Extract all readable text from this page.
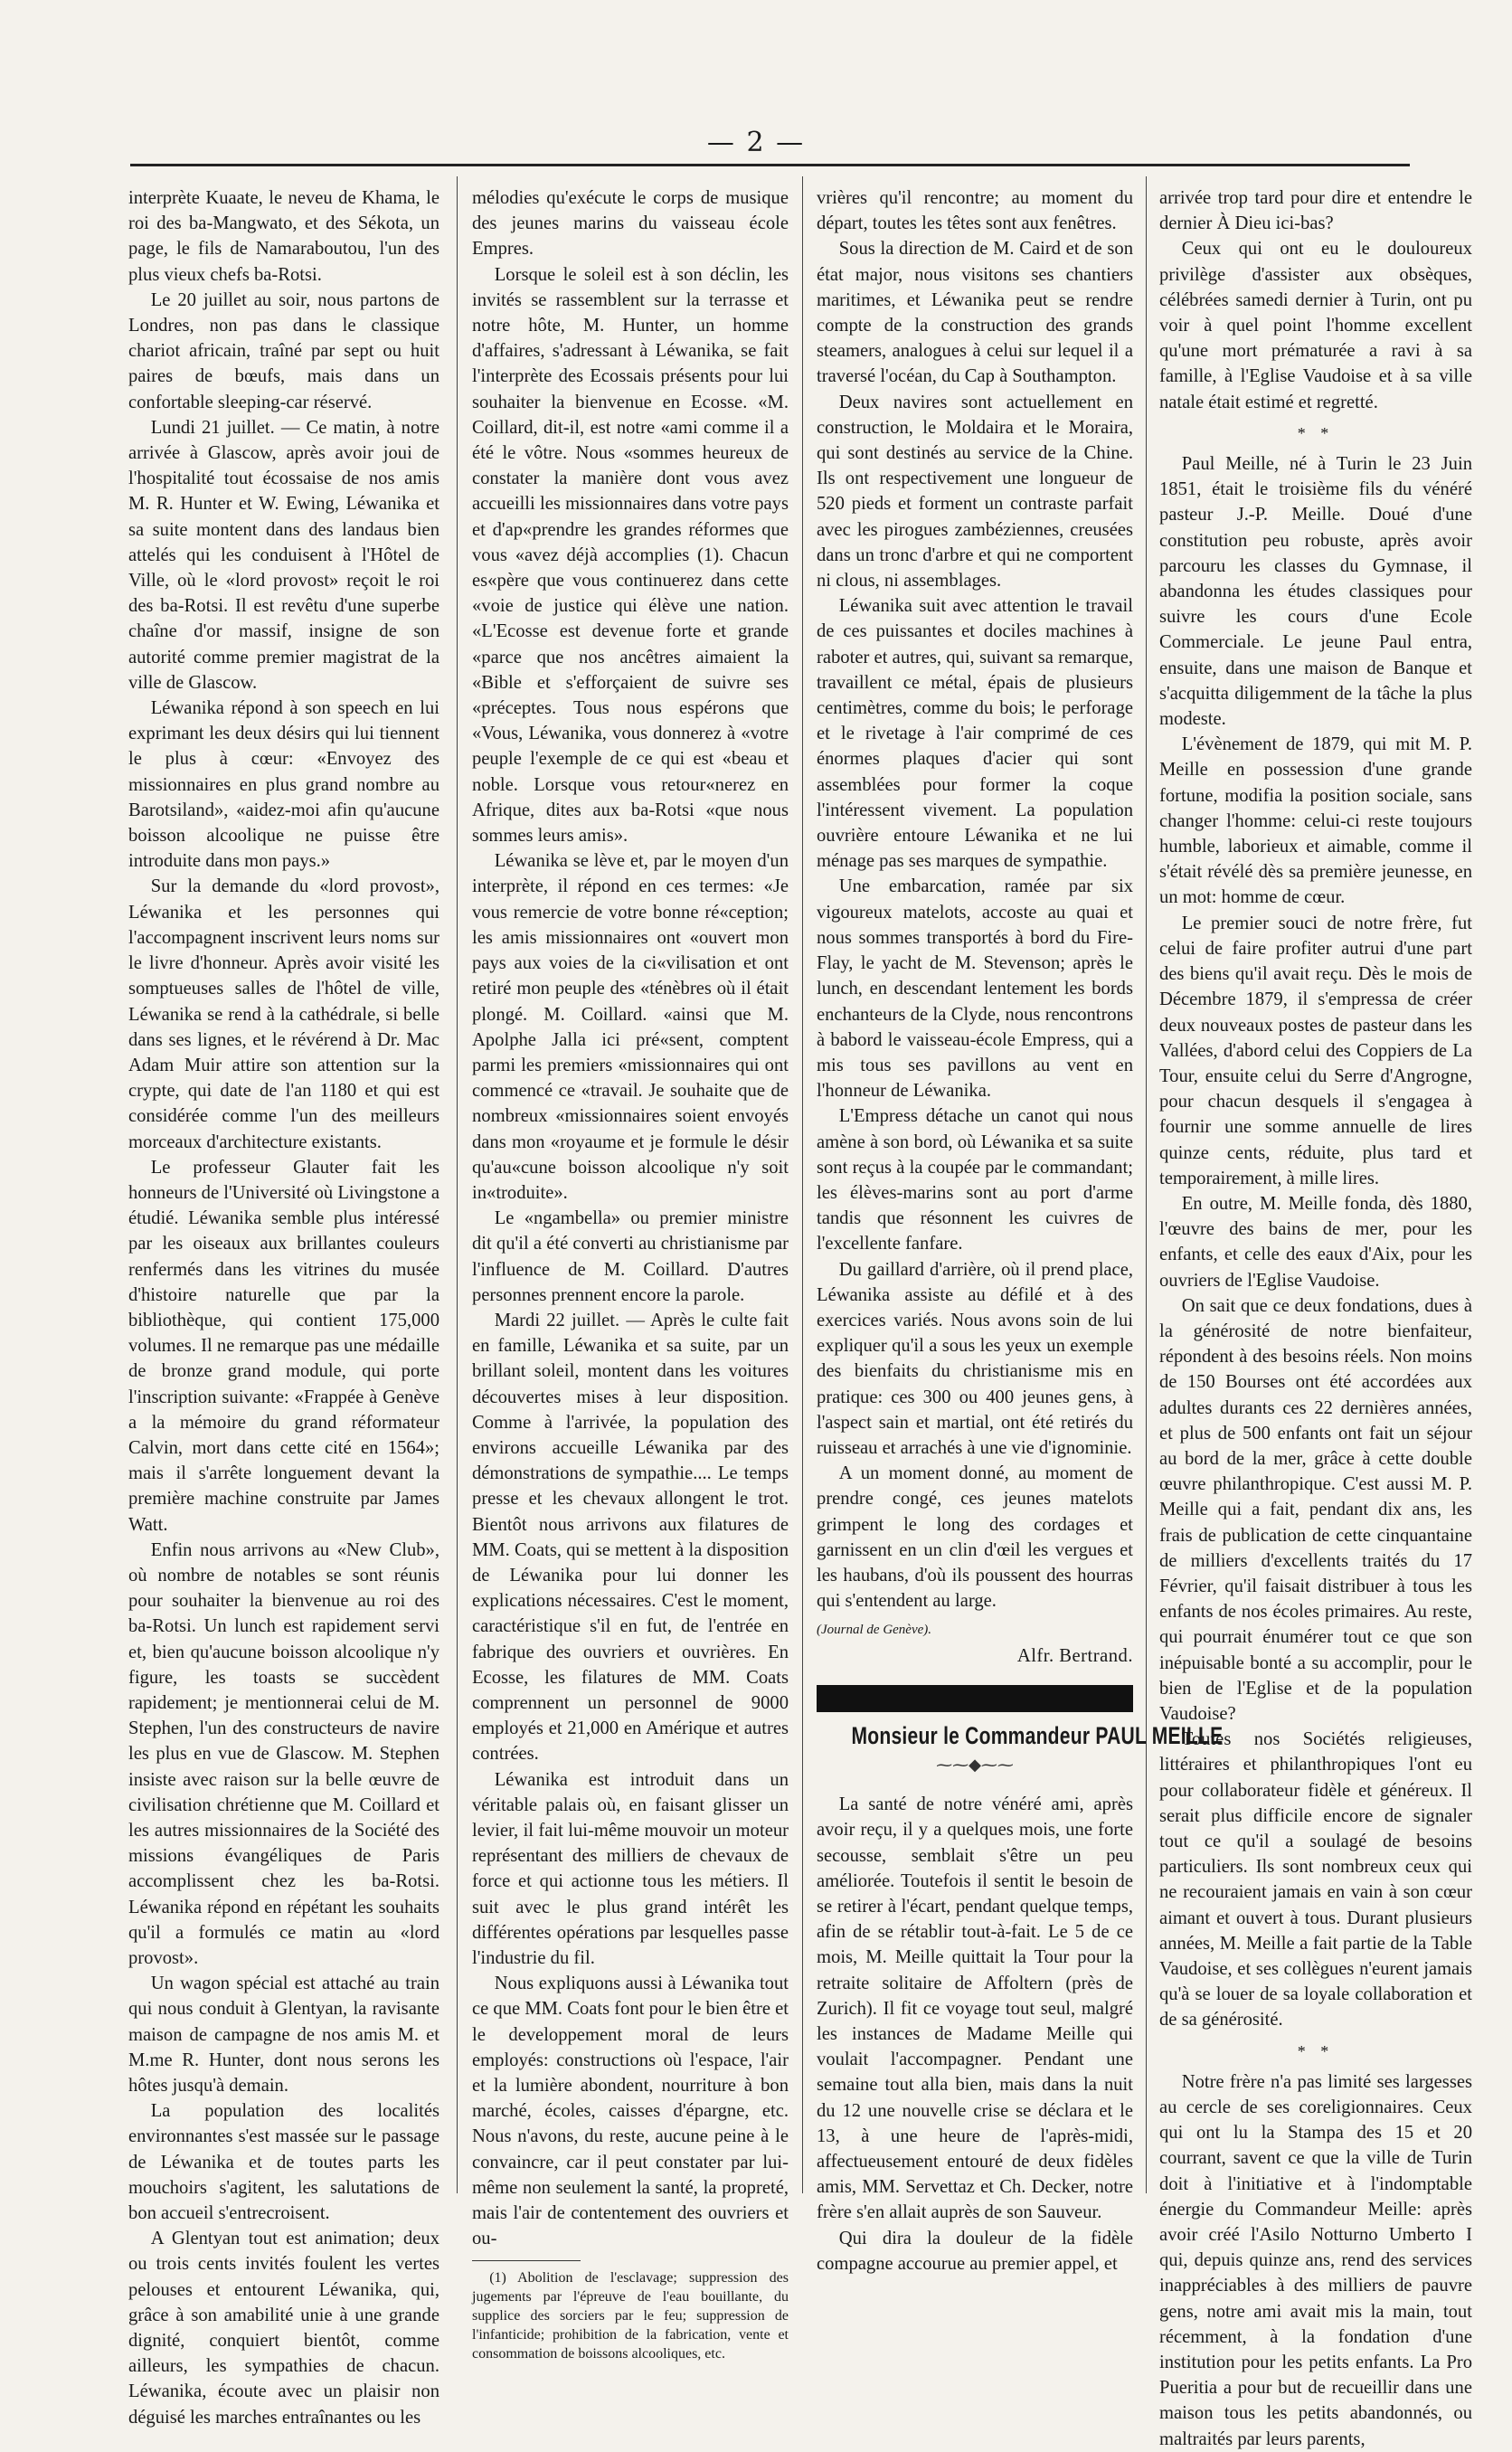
— 2 —

interprète Kuaate, le neveu de Khama, le roi des ba-Mangwato, et des Sékota, un page, le fils de Namaraboutou, l'un des plus vieux chefs ba-Rotsi.

Le 20 juillet au soir, nous partons de Londres, non pas dans le classique chariot africain, traîné par sept ou huit paires de bœufs, mais dans un confortable sleeping-car réservé.

Lundi 21 juillet. — Ce matin, à notre arrivée à Glascow, après avoir joui de l'hospitalité tout écossaise de nos amis M. R. Hunter et W. Ewing, Léwanika et sa suite montent dans des landaus bien attelés qui les conduisent à l'Hôtel de Ville, où le «lord provost» reçoit le roi des ba-Rotsi. Il est revêtu d'une superbe chaîne d'or massif, insigne de son autorité comme premier magistrat de la ville de Glascow.

Léwanika répond à son speech en lui exprimant les deux désirs qui lui tiennent le plus à cœur: «Envoyez des missionnaires en plus grand nombre au Barotsiland», «aidez-moi afin qu'aucune boisson alcoolique ne puisse être introduite dans mon pays.»

Sur la demande du «lord provost», Léwanika et les personnes qui l'accompagnent inscrivent leurs noms sur le livre d'honneur. Après avoir visité les somptueuses salles de l'hôtel de ville, Léwanika se rend à la cathédrale, si belle dans ses lignes, et le révérend à Dr. Mac Adam Muir attire son attention sur la crypte, qui date de l'an 1180 et qui est considérée comme l'un des meilleurs morceaux d'architecture existants.

Le professeur Glauter fait les honneurs de l'Université où Livingstone a étudié. Léwanika semble plus intéressé par les oiseaux aux brillantes couleurs renfermés dans les vitrines du musée d'histoire naturelle que par la bibliothèque, qui contient 175,000 volumes. Il ne remarque pas une médaille de bronze grand module, qui porte l'inscription suivante: «Frappée à Genève a la mémoire du grand réformateur Calvin, mort dans cette cité en 1564»; mais il s'arrête longuement devant la première machine construite par James Watt.

Enfin nous arrivons au «New Club», où nombre de notables se sont réunis pour souhaiter la bienvenue au roi des ba-Rotsi. Un lunch est rapidement servi et, bien qu'aucune boisson alcoolique n'y figure, les toasts se succèdent rapidement; je mentionnerai celui de M. Stephen, l'un des constructeurs de navire les plus en vue de Glascow. M. Stephen insiste avec raison sur la belle œuvre de civilisation chrétienne que M. Coillard et les autres missionnaires de la Société des missions évangéliques de Paris accomplissent chez les ba-Rotsi. Léwanika répond en répétant les souhaits qu'il a formulés ce matin au «lord provost».

Un wagon spécial est attaché au train qui nous conduit à Glentyan, la ravisante maison de campagne de nos amis M. et M.me R. Hunter, dont nous serons les hôtes jusqu'à demain.

La population des localités environnantes s'est massée sur le passage de Léwanika et de toutes parts les mouchoirs s'agitent, les salutations de bon accueil s'entrecroisent.

A Glentyan tout est animation; deux ou trois cents invités foulent les vertes pelouses et entourent Léwanika, qui, grâce à son amabilité unie à une grande dignité, conquiert bientôt, comme ailleurs, les sympathies de chacun. Léwanika, écoute avec un plaisir non déguisé les marches entraînantes ou les

mélodies qu'exécute le corps de musique des jeunes marins du vaisseau école Empres.

Lorsque le soleil est à son déclin, les invités se rassemblent sur la terrasse et notre hôte, M. Hunter, un homme d'affaires, s'adressant à Léwanika, se fait l'interprète des Ecossais présents pour lui souhaiter la bienvenue en Ecosse. «M. Coillard, dit-il, est notre «ami comme il a été le vôtre. Nous «sommes heureux de constater la manière dont vous avez accueilli les missionnaires dans votre pays et d'ap«prendre les grandes réformes que vous «avez déjà accomplies (1). Chacun es«père que vous continuerez dans cette «voie de justice qui élève une nation. «L'Ecosse est devenue forte et grande «parce que nos ancêtres aimaient la «Bible et s'efforçaient de suivre ses «préceptes. Tous nous espérons que «Vous, Léwanika, vous donnerez à «votre peuple l'exemple de ce qui est «beau et noble. Lorsque vous retour«nerez en Afrique, dites aux ba-Rotsi «que nous sommes leurs amis».

Léwanika se lève et, par le moyen d'un interprète, il répond en ces termes: «Je vous remercie de votre bonne ré«ception; les amis missionnaires ont «ouvert mon pays aux voies de la ci«vilisation et ont retiré mon peuple des «ténèbres où il était plongé. M. Coillard. «ainsi que M. Apolphe Jalla ici pré«sent, comptent parmi les premiers «missionnaires qui ont commencé ce «travail. Je souhaite que de nombreux «missionnaires soient envoyés dans mon «royaume et je formule le désir qu'au«cune boisson alcoolique n'y soit in«troduite».

Le «ngambella» ou premier ministre dit qu'il a été converti au christianisme par l'influence de M. Coillard. D'autres personnes prennent encore la parole.

Mardi 22 juillet. — Après le culte fait en famille, Léwanika et sa suite, par un brillant soleil, montent dans les voitures découvertes mises à leur disposition. Comme à l'arrivée, la population des environs accueille Léwanika par des démonstrations de sympathie.... Le temps presse et les chevaux allongent le trot. Bientôt nous arrivons aux filatures de MM. Coats, qui se mettent à la disposition de Léwanika pour lui donner les explications nécessaires. C'est le moment, caractéristique s'il en fut, de l'entrée en fabrique des ouvriers et ouvrières. En Ecosse, les filatures de MM. Coats comprennent un personnel de 9000 employés et 21,000 en Amérique et autres contrées.

Léwanika est introduit dans un véritable palais où, en faisant glisser un levier, il fait lui-même mouvoir un moteur représentant des milliers de chevaux de force et qui actionne tous les métiers. Il suit avec le plus grand intérêt les différentes opérations par lesquelles passe l'industrie du fil.

Nous expliquons aussi à Léwanika tout ce que MM. Coats font pour le bien être et le developpement moral de leurs employés: constructions où l'espace, l'air et la lumière abondent, nourriture à bon marché, écoles, caisses d'épargne, etc. Nous n'avons, du reste, aucune peine à le convaincre, car il peut constater par lui-même non seulement la santé, la propreté, mais l'air de contentement des ouvriers et ou-

(1) Abolition de l'esclavage; suppression des jugements par l'épreuve de l'eau bouillante, du supplice des sorciers par le feu; suppression de l'infanticide; prohibition de la fabrication, vente et consommation de boissons alcooliques, etc.

vrières qu'il rencontre; au moment du départ, toutes les têtes sont aux fenêtres.

Sous la direction de M. Caird et de son état major, nous visitons ses chantiers maritimes, et Léwanika peut se rendre compte de la construction des grands steamers, analogues à celui sur lequel il a traversé l'océan, du Cap à Southampton.

Deux navires sont actuellement en construction, le Moldaira et le Moraira, qui sont destinés au service de la Chine. Ils ont respectivement une longueur de 520 pieds et forment un contraste parfait avec les pirogues zambéziennes, creusées dans un tronc d'arbre et qui ne comportent ni clous, ni assemblages.

Léwanika suit avec attention le travail de ces puissantes et dociles machines à raboter et autres, qui, suivant sa remarque, travaillent ce métal, épais de plusieurs centimètres, comme du bois; le perforage et le rivetage à l'air comprimé de ces énormes plaques d'acier qui sont assemblées pour former la coque l'intéressent vivement. La population ouvrière entoure Léwanika et ne lui ménage pas ses marques de sympathie.

Une embarcation, ramée par six vigoureux matelots, accoste au quai et nous sommes transportés à bord du Fire-Flay, le yacht de M. Stevenson; après le lunch, en descendant lentement les bords enchanteurs de la Clyde, nous rencontrons à babord le vaisseau-école Empress, qui a mis tous ses pavillons au vent en l'honneur de Léwanika.

L'Empress détache un canot qui nous amène à son bord, où Léwanika et sa suite sont reçus à la coupée par le commandant; les élèves-marins sont au port d'arme tandis que résonnent les cuivres de l'excellente fanfare.

Du gaillard d'arrière, où il prend place, Léwanika assiste au défilé et à des exercices variés. Nous avons soin de lui expliquer qu'il a sous les yeux un exemple des bienfaits du christianisme mis en pratique: ces 300 ou 400 jeunes gens, à l'aspect sain et martial, ont été retirés du ruisseau et arrachés à une vie d'ignominie.

A un moment donné, au moment de prendre congé, ces jeunes matelots grimpent le long des cordages et garnissent en un clin d'œil les vergues et les haubans, d'où ils poussent des hourras qui s'entendent au large.

(Journal de Genève).
Alfr. Bertrand.
Monsieur le Commandeur PAUL MEILLE
⁓⁓◆⁓⁓

La santé de notre vénéré ami, après avoir reçu, il y a quelques mois, une forte secousse, semblait s'être un peu améliorée. Toutefois il sentit le besoin de se retirer à l'écart, pendant quelque temps, afin de se rétablir tout-à-fait. Le 5 de ce mois, M. Meille quittait la Tour pour la retraite solitaire de Affoltern (près de Zurich). Il fit ce voyage tout seul, malgré les instances de Madame Meille qui voulait l'accompagner. Pendant une semaine tout alla bien, mais dans la nuit du 12 une nouvelle crise se déclara et le 13, à une heure de l'après-midi, affectueusement entouré de deux fidèles amis, MM. Servettaz et Ch. Decker, notre frère s'en allait auprès de son Sauveur.

Qui dira la douleur de la fidèle compagne accourue au premier appel, et

arrivée trop tard pour dire et entendre le dernier À Dieu ici-bas?

Ceux qui ont eu le douloureux privilège d'assister aux obsèques, célébrées samedi dernier à Turin, ont pu voir à quel point l'homme excellent qu'une mort prématurée a ravi à sa famille, à l'Eglise Vaudoise et à sa ville natale était estimé et regretté.

* *

Paul Meille, né à Turin le 23 Juin 1851, était le troisième fils du vénéré pasteur J.-P. Meille. Doué d'une constitution peu robuste, après avoir parcouru les classes du Gymnase, il abandonna les études classiques pour suivre les cours d'une Ecole Commerciale. Le jeune Paul entra, ensuite, dans une maison de Banque et s'acquitta diligemment de la tâche la plus modeste.

L'évènement de 1879, qui mit M. P. Meille en possession d'une grande fortune, modifia la position sociale, sans changer l'homme: celui-ci reste toujours humble, laborieux et aimable, comme il s'était révélé dès sa première jeunesse, en un mot: homme de cœur.

Le premier souci de notre frère, fut celui de faire profiter autrui d'une part des biens qu'il avait reçu. Dès le mois de Décembre 1879, il s'empressa de créer deux nouveaux postes de pasteur dans les Vallées, d'abord celui des Coppiers de La Tour, ensuite celui du Serre d'Angrogne, pour chacun desquels il s'engagea à fournir une somme annuelle de lires quinze cents, réduite, plus tard et temporairement, à mille lires.

En outre, M. Meille fonda, dès 1880, l'œuvre des bains de mer, pour les enfants, et celle des eaux d'Aix, pour les ouvriers de l'Eglise Vaudoise.

On sait que ce deux fondations, dues à la générosité de notre bienfaiteur, répondent à des besoins réels. Non moins de 150 Bourses ont été accordées aux adultes durants ces 22 dernières années, et plus de 500 enfants ont fait un séjour au bord de la mer, grâce à cette double œuvre philanthropique. C'est aussi M. P. Meille qui a fait, pendant dix ans, les frais de publication de cette cinquantaine de milliers d'excellents traités du 17 Février, qu'il faisait distribuer à tous les enfants de nos écoles primaires. Au reste, qui pourrait énumérer tout ce que son inépuisable bonté a su accomplir, pour le bien de l'Eglise et de la population Vaudoise?

Toutes nos Sociétés religieuses, littéraires et philanthropiques l'ont eu pour collaborateur fidèle et généreux. Il serait plus difficile encore de signaler tout ce qu'il a soulagé de besoins particuliers. Ils sont nombreux ceux qui ne recouraient jamais en vain à son cœur aimant et ouvert à tous. Durant plusieurs années, M. Meille a fait partie de la Table Vaudoise, et ses collègues n'eurent jamais qu'à se louer de sa loyale collaboration et de sa générosité.

* *

Notre frère n'a pas limité ses largesses au cercle de ses coreligionnaires. Ceux qui ont lu la Stampa des 15 et 20 courrant, savent ce que la ville de Turin doit à l'initiative et à l'indomptable énergie du Commandeur Meille: après avoir créé l'Asilo Notturno Umberto I qui, depuis quinze ans, rend des services inappréciables à des milliers de pauvre gens, notre ami avait mis la main, tout récemment, à la fondation d'une institution pour les petits enfants. La Pro Pueritia a pour but de recueillir dans une maison tous les petits abandonnés, ou maltraités par leurs parents,
